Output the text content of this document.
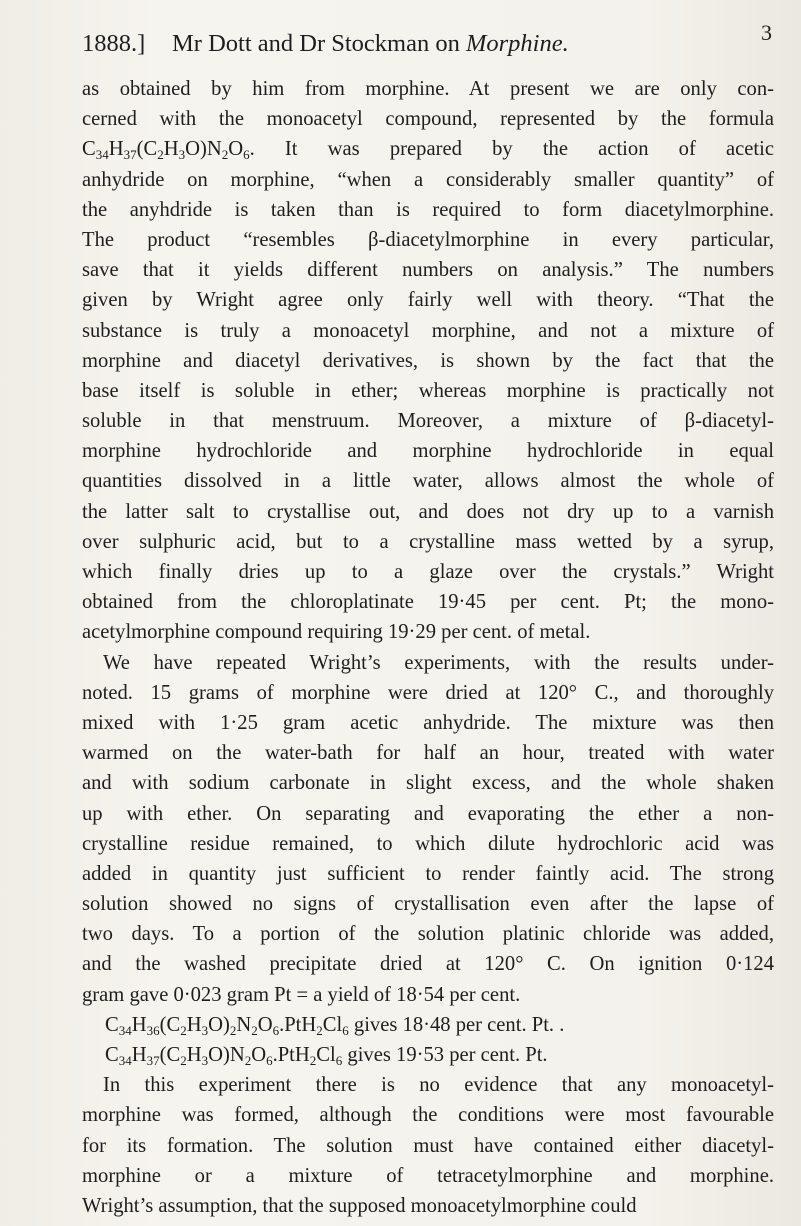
1888.] Mr Dott and Dr Stockman on Morphine.	3
as obtained by him from morphine. At present we are only con-
cerned with the monoacetyl compound, represented by the formula
$C_{34}H_{37}(C_2H_3O)N_2O_6$. It was prepared by the action of acetic
anhydride on morphine, “when a considerably smaller quantity” of
the anyhdride is taken than is required to form diacetylmorphine.
The product “resembles β-diacetylmorphine in every particular,
save that it yields different numbers on analysis.” The numbers
given by Wright agree only fairly well with theory. “That the
substance is truly a monoacetyl morphine, and not a mixture of
morphine and diacetyl derivatives, is shown by the fact that the
base itself is soluble in ether; whereas morphine is practically not
soluble in that menstruum. Moreover, a mixture of β-diacetyl-
morphine hydrochloride and morphine hydrochloride in equal
quantities dissolved in a little water, allows almost the whole of
the latter salt to crystallise out, and does not dry up to a varnish
over sulphuric acid, but to a crystalline mass wetted by a syrup,
which finally dries up to a glaze over the crystals.” Wright
obtained from the chloroplatinate 19·45 per cent. Pt; the mono-
acetylmorphine compound requiring 19·29 per cent. of metal.
We have repeated Wright’s experiments, with the results under-
noted. 15 grams of morphine were dried at 120° C., and thoroughly
mixed with 1·25 gram acetic anhydride. The mixture was then
warmed on the water-bath for half an hour, treated with water
and with sodium carbonate in slight excess, and the whole shaken
up with ether. On separating and evaporating the ether a non-
crystalline residue remained, to which dilute hydrochloric acid was
added in quantity just sufficient to render faintly acid. The strong
solution showed no signs of crystallisation even after the lapse of
two days. To a portion of the solution platinic chloride was added,
and the washed precipitate dried at 120° C. On ignition 0·124
gram gave 0·023 gram Pt = a yield of 18·54 per cent.
$C_{34}H_{36}(C_2H_3O)_2N_2O_6.PtH_2Cl_6$ gives 18·48 per cent. Pt. .
$C_{34}H_{37}(C_2H_3O)N_2O_6.PtH_2Cl_6$ gives 19·53 per cent. Pt.
In this experiment there is no evidence that any monoacetyl-
morphine was formed, although the conditions were most favourable
for its formation. The solution must have contained either diacetyl-
morphine or a mixture of tetracetylmorphine and morphine.
Wright’s assumption, that the supposed monoacetylmorphine could
